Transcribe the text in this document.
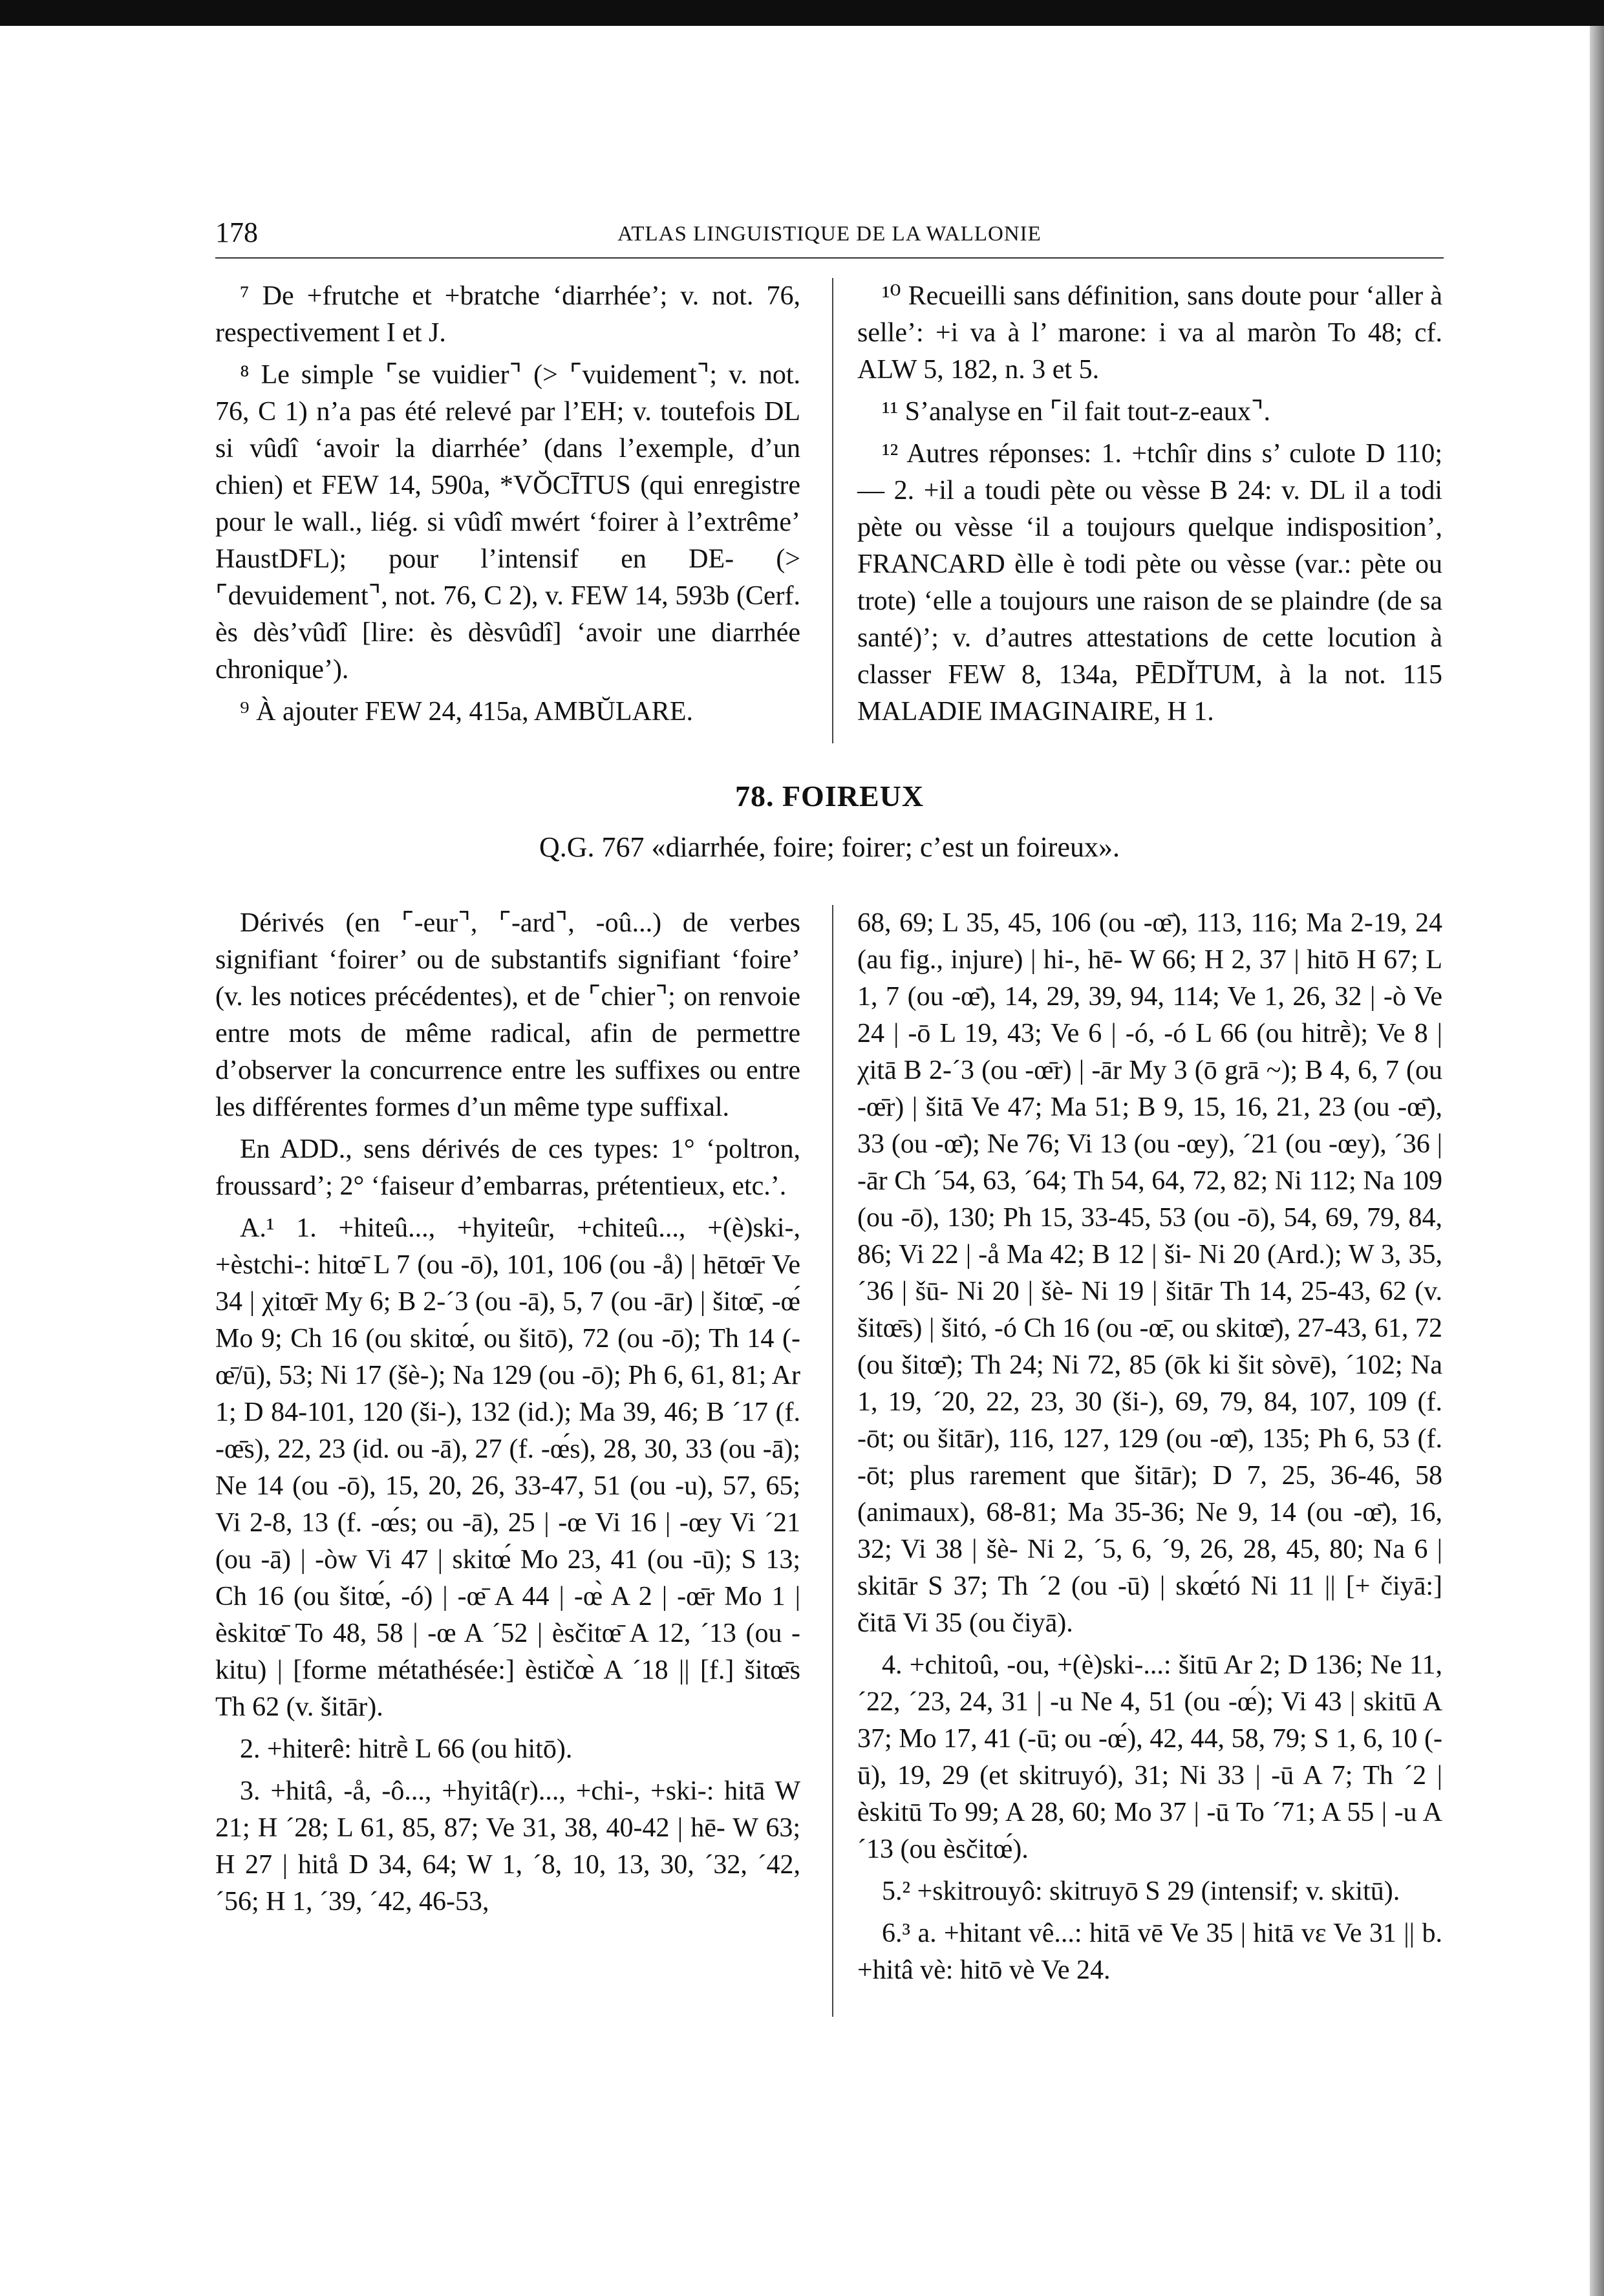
178	ATLAS LINGUISTIQUE DE LA WALLONIE

⁷ De +frutche et +bratche ‘diarrhée’; v. not. 76, respectivement I et J.

⁸ Le simple ⌜se vuidier⌝ (> ⌜vuidement⌝; v. not. 76, C 1) n’a pas été relevé par l’EH; v. toutefois DL si vûdî ‘avoir la diarrhée’ (dans l’exemple, d’un chien) et FEW 14, 590a, *VŎCĪTUS (qui enregistre pour le wall., liég. si vûdî mwért ‘foirer à l’extrême’ HaustDFL); pour l’intensif en DE- (> ⌜devuidement⌝, not. 76, C 2), v. FEW 14, 593b (Cerf. ès dès’vûdî [lire: ès dèsvûdî] ‘avoir une diarrhée chronique’).

⁹ À ajouter FEW 24, 415a, AMBŬLARE.

¹⁰ Recueilli sans définition, sans doute pour ‘aller à selle’: +i va à l’ marone: i va al maròn To 48; cf. ALW 5, 182, n. 3 et 5.

¹¹ S’analyse en ⌜il fait tout-z-eaux⌝.

¹² Autres réponses: 1. +tchîr dins s’ culote D 110; — 2. +il a toudi pète ou vèsse B 24: v. DL il a todi pète ou vèsse ‘il a toujours quelque indisposition’, FRANCARD èlle è todi pète ou vèsse (var.: pète ou trote) ‘elle a toujours une raison de se plaindre (de sa santé)’; v. d’autres attestations de cette locution à classer FEW 8, 134a, PĒDĬTUM, à la not. 115 MALADIE IMAGINAIRE, H 1.

78. FOIREUX
Q.G. 767 «diarrhée, foire; foirer; c’est un foireux».

Dérivés (en ⌜-eur⌝, ⌜-ard⌝, -oû...) de verbes signifiant ‘foirer’ ou de substantifs signifiant ‘foire’ (v. les notices précédentes), et de ⌜chier⌝; on renvoie entre mots de même radical, afin de permettre d’observer la concurrence entre les suffixes ou entre les différentes formes d’un même type suffixal.

En ADD., sens dérivés de ces types: 1° ‘poltron, froussard’; 2° ‘faiseur d’embarras, prétentieux, etc.’.

A.¹ 1. +hiteû..., +hyiteûr, +chiteû..., +(è)ski-, +èstchi-: hitœ̄ L 7 (ou -ō), 101, 106 (ou -å) | hētœ̄r Ve 34 | χitœ̄r My 6; B 2-´3 (ou -ā), 5, 7 (ou -ār) | šitœ̄, -œ́ Mo 9; Ch 16 (ou skitœ́, ou šitō), 72 (ou -ō); Th 14 (-œ̄/ū), 53; Ni 17 (šè-); Na 129 (ou -ō); Ph 6, 61, 81; Ar 1; D 84-101, 120 (ši-), 132 (id.); Ma 39, 46; B ´17 (f. -œ̄s), 22, 23 (id. ou -ā), 27 (f. -œ́s), 28, 30, 33 (ou -ā); Ne 14 (ou -ō), 15, 20, 26, 33-47, 51 (ou -u), 57, 65; Vi 2-8, 13 (f. -œ́s; ou -ā), 25 | -œ Vi 16 | -œy Vi ´21 (ou -ā) | -òw Vi 47 | skitœ́ Mo 23, 41 (ou -ū); S 13; Ch 16 (ou šitœ́, -ó) | -œ̄ A 44 | -œ̀ A 2 | -œ̄r Mo 1 | èskitœ̄ To 48, 58 | -œ A ´52 | èsčitœ̄ A 12, ´13 (ou -kitu) | [forme métathésée:] èstičœ̀ A ´18 || [f.] šitœ̄s Th 62 (v. šitār).

2. +hiterê: hitrḕ L 66 (ou hitō).

3. +hitâ, -å, -ô..., +hyitâ(r)..., +chi-, +ski-: hitā W 21; H ´28; L 61, 85, 87; Ve 31, 38, 40-42 | hē- W 63; H 27 | hitå D 34, 64; W 1, ´8, 10, 13, 30, ´32, ´42, ´56; H 1, ´39, ´42, 46-53,

68, 69; L 35, 45, 106 (ou -œ̄), 113, 116; Ma 2-19, 24 (au fig., injure) | hi-, hē- W 66; H 2, 37 | hitō H 67; L 1, 7 (ou -œ̄), 14, 29, 39, 94, 114; Ve 1, 26, 32 | -ò Ve 24 | -ō L 19, 43; Ve 6 | -ó, -ó L 66 (ou hitrḕ); Ve 8 | χitā B 2-´3 (ou -œ̄r) | -ār My 3 (ō grā ~); B 4, 6, 7 (ou -œ̄r) | šitā Ve 47; Ma 51; B 9, 15, 16, 21, 23 (ou -œ̄), 33 (ou -œ̄); Ne 76; Vi 13 (ou -œy), ´21 (ou -œy), ´36 | -ār Ch ´54, 63, ´64; Th 54, 64, 72, 82; Ni 112; Na 109 (ou -ō), 130; Ph 15, 33-45, 53 (ou -ō), 54, 69, 79, 84, 86; Vi 22 | -å Ma 42; B 12 | ši- Ni 20 (Ard.); W 3, 35, ´36 | šū- Ni 20 | šè- Ni 19 | šitār Th 14, 25-43, 62 (v. šitœ̄s) | šitó, -ó Ch 16 (ou -œ̄, ou skitœ̄), 27-43, 61, 72 (ou šitœ̄); Th 24; Ni 72, 85 (ōk ki šit sòvē), ´102; Na 1, 19, ´20, 22, 23, 30 (ši-), 69, 79, 84, 107, 109 (f. -ōt; ou šitār), 116, 127, 129 (ou -œ̄), 135; Ph 6, 53 (f. -ōt; plus rarement que šitār); D 7, 25, 36-46, 58 (animaux), 68-81; Ma 35-36; Ne 9, 14 (ou -œ̄), 16, 32; Vi 38 | šè- Ni 2, ´5, 6, ´9, 26, 28, 45, 80; Na 6 | skitār S 37; Th ´2 (ou -ū) | skœ́tó Ni 11 || [+ čiyā:] čitā Vi 35 (ou čiyā).

4. +chitoû, -ou, +(è)ski-...: šitū Ar 2; D 136; Ne 11, ´22, ´23, 24, 31 | -u Ne 4, 51 (ou -œ́); Vi 43 | skitū A 37; Mo 17, 41 (-ū; ou -œ́), 42, 44, 58, 79; S 1, 6, 10 (-ū), 19, 29 (et skitruyó), 31; Ni 33 | -ū A 7; Th ´2 | èskitū To 99; A 28, 60; Mo 37 | -ū To ´71; A 55 | -u A ´13 (ou èsčitœ́).

5.² +skitrouyô: skitruyō S 29 (intensif; v. skitū).

6.³ a. +hitant vê...: hitā vē Ve 35 | hitā vɛ Ve 31 || b. +hitâ vè: hitō vè Ve 24.
